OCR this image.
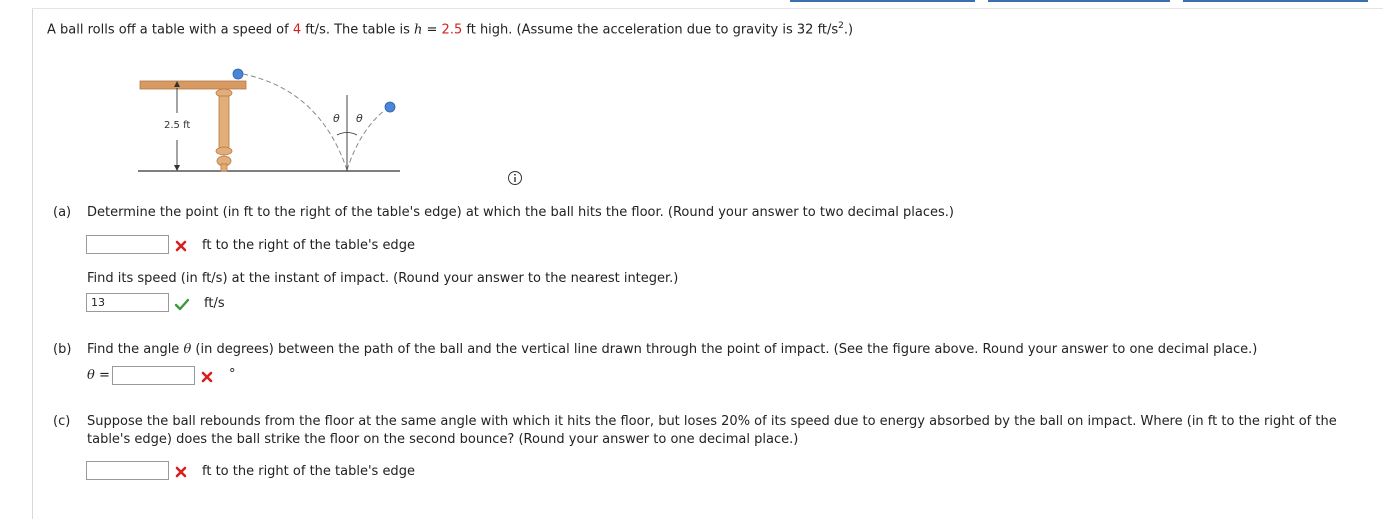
A ball rolls off a table with a speed of 4 ft/s. The table is h = 2.5 ft high. (Assume the acceleration due to gravity is 32 $ft/s^2$.)
2.5 ft
θ θ
(a) Determine the point (in ft to the right of the table's edge) at which the ball hits the floor. (Round your answer to two decimal places.)
ft to the right of the table's edge
Find its speed (in ft/s) at the instant of impact. (Round your answer to the nearest integer.)
13	ft/s
(b) Find the angle θ (in degrees) between the path of the ball and the vertical line drawn through the point of impact. (See the figure above. Round your answer to one decimal place.)
θ =	°
(c) Suppose the ball rebounds from the floor at the same angle with which it hits the floor, but loses 20% of its speed due to energy absorbed by the ball on impact. Where (in ft to the right of the
table's edge) does the ball strike the floor on the second bounce? (Round your answer to one decimal place.)
ft to the right of the table's edge
